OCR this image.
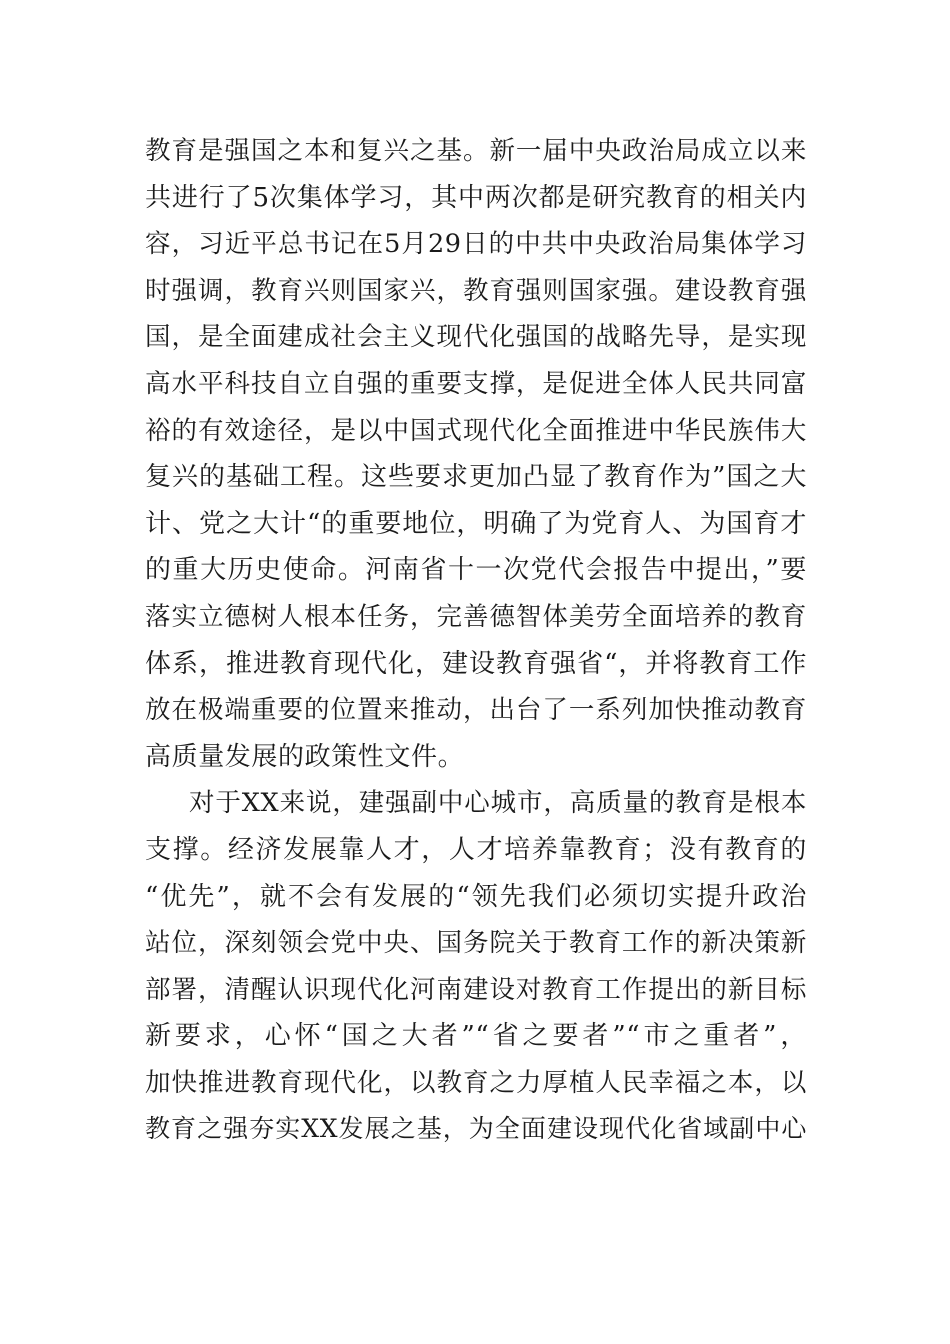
教育是强国之本和复兴之基。新一届中央政治局成立以来
共进行了5次集体学习，其中两次都是研究教育的相关内
容，习近平总书记在5月29日的中共中央政治局集体学习
时强调，教育兴则国家兴，教育强则国家强。建设教育强
国，是全面建成社会主义现代化强国的战略先导，是实现
高水平科技自立自强的重要支撑，是促进全体人民共同富
裕的有效途径，是以中国式现代化全面推进中华民族伟大
复兴的基础工程。这些要求更加凸显了教育作为”国之大
计、党之大计“的重要地位，明确了为党育人、为国育才
的重大历史使命。河南省十一次党代会报告中提出，”要
落实立德树人根本任务，完善德智体美劳全面培养的教育
体系，推进教育现代化，建设教育强省“，并将教育工作
放在极端重要的位置来推动，出台了一系列加快推动教育
高质量发展的政策性文件。
对于XX来说，建强副中心城市，高质量的教育是根本
支撑。经济发展靠人才，人才培养靠教育；没有教育的
“优先”，就不会有发展的“领先我们必须切实提升政治
站位，深刻领会党中央、国务院关于教育工作的新决策新
部署，清醒认识现代化河南建设对教育工作提出的新目标
新要求，心怀“国之大者”“省之要者”“市之重者”，
加快推进教育现代化，以教育之力厚植人民幸福之本，以
教育之强夯实XX发展之基，为全面建设现代化省域副中心
